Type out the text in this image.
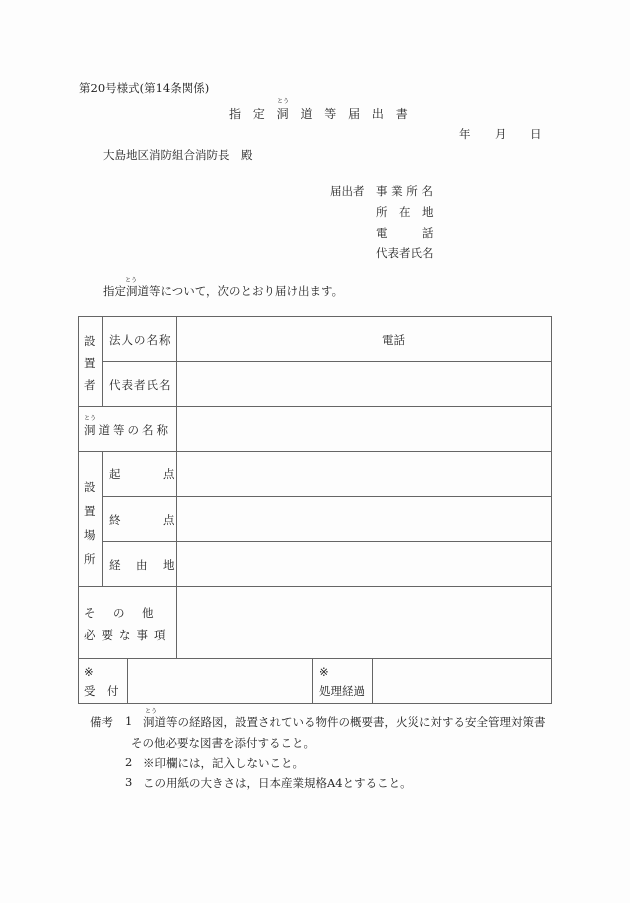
第20号様式(第14条関係)
とう
指 定 洞 道 等 届 出 書
年 月 日
大島地区消防組合消防長　殿
届出者 事 業 所 名
所　在　地
電　　　話
代表者氏名
とう
指定洞道等について，次のとおり届け出ます。
設
置
者
法人の名称	電話
代表者氏名
とう
洞道等の名称
設
置
場
所
起　　　点
終　　　点
経　由　地
そ　の　他
必要な事項
※
受　付
※
処理経過
備考 1
とう
洞道等の経路図，設置されている物件の概要書，火災に対する安全管理対策書
その他必要な図書を添付すること。
2 ※印欄には，記入しないこと。
3 この用紙の大きさは，日本産業規格A4とすること。
